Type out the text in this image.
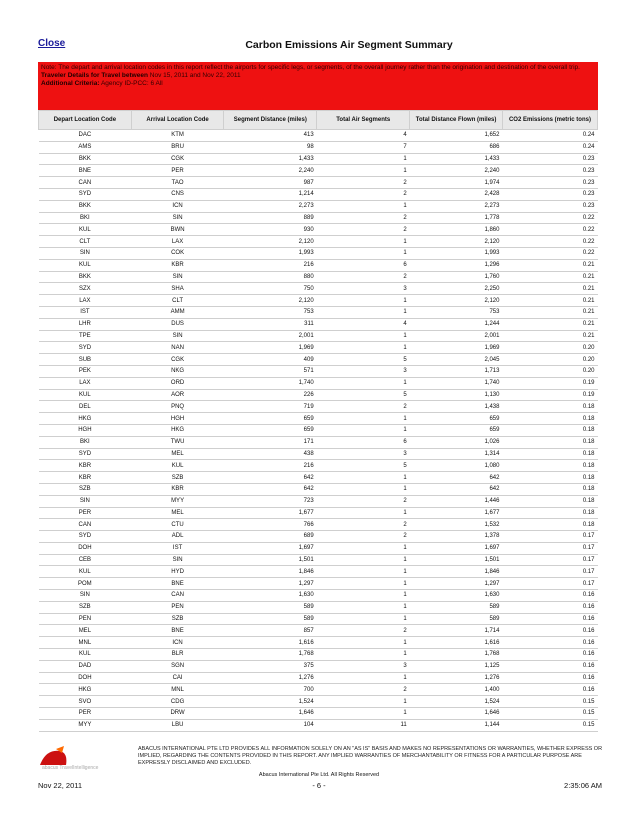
Close	Carbon Emissions Air Segment Summary
Note: The depart and arrival location codes in this report reflect the airports for specific legs, or segments, of the overall journey rather than the origination and destination of the overall trip.
Traveler Details for Travel between Nov 15, 2011 and Nov 22, 2011
Additional Criteria: Agency ID-PCC: 6 All
Depart Location Code	Arrival Location Code	Segment Distance (miles)	Total Air Segments	Total Distance Flown (miles)	CO2 Emissions (metric tons)
DAC	KTM	413	4	1,652	0.24
AMS	BRU	98	7	686	0.24
BKK	CGK	1,433	1	1,433	0.23
BNE	PER	2,240	1	2,240	0.23
CAN	TAO	987	2	1,974	0.23
SYD	CNS	1,214	2	2,428	0.23
BKK	ICN	2,273	1	2,273	0.23
BKI	SIN	889	2	1,778	0.22
KUL	BWN	930	2	1,860	0.22
CLT	LAX	2,120	1	2,120	0.22
SIN	COK	1,993	1	1,993	0.22
KUL	KBR	216	6	1,296	0.21
BKK	SIN	880	2	1,760	0.21
SZX	SHA	750	3	2,250	0.21
LAX	CLT	2,120	1	2,120	0.21
IST	AMM	753	1	753	0.21
LHR	DUS	311	4	1,244	0.21
TPE	SIN	2,001	1	2,001	0.21
SYD	NAN	1,969	1	1,969	0.20
SUB	CGK	409	5	2,045	0.20
PEK	NKG	571	3	1,713	0.20
LAX	ORD	1,740	1	1,740	0.19
KUL	AOR	226	5	1,130	0.19
DEL	PNQ	719	2	1,438	0.18
HKG	HGH	659	1	659	0.18
HGH	HKG	659	1	659	0.18
BKI	TWU	171	6	1,026	0.18
SYD	MEL	438	3	1,314	0.18
KBR	KUL	216	5	1,080	0.18
KBR	SZB	642	1	642	0.18
SZB	KBR	642	1	642	0.18
SIN	MYY	723	2	1,446	0.18
PER	MEL	1,677	1	1,677	0.18
CAN	CTU	766	2	1,532	0.18
SYD	ADL	689	2	1,378	0.17
DOH	IST	1,697	1	1,697	0.17
CEB	SIN	1,501	1	1,501	0.17
KUL	HYD	1,846	1	1,846	0.17
POM	BNE	1,297	1	1,297	0.17
SIN	CAN	1,630	1	1,630	0.16
SZB	PEN	589	1	589	0.16
PEN	SZB	589	1	589	0.16
MEL	BNE	857	2	1,714	0.16
MNL	ICN	1,616	1	1,616	0.16
KUL	BLR	1,768	1	1,768	0.16
DAD	SGN	375	3	1,125	0.16
DOH	CAI	1,276	1	1,276	0.16
HKG	MNL	700	2	1,400	0.16
SVO	CDG	1,524	1	1,524	0.15
PER	DRW	1,646	1	1,646	0.15
MYY	LBU	104	11	1,144	0.15
abacus TravelIntelligence
ABACUS INTERNATIONAL PTE LTD PROVIDES ALL INFORMATION SOLELY ON AN "AS IS" BASIS AND MAKES NO REPRESENTATIONS OR WARRANTIES, WHETHER EXPRESS OR IMPLIED, REGARDING THE CONTENTS PROVIDED IN THIS REPORT. ANY IMPLIED WARRANTIES OF MERCHANTABILITY OR FITNESS FOR A PARTICULAR PURPOSE ARE EXPRESSLY DISCLAIMED AND EXCLUDED.
Abacus International Pte Ltd. All Rights Reserved
Nov 22, 2011	- 6 -	2:35:06 AM
